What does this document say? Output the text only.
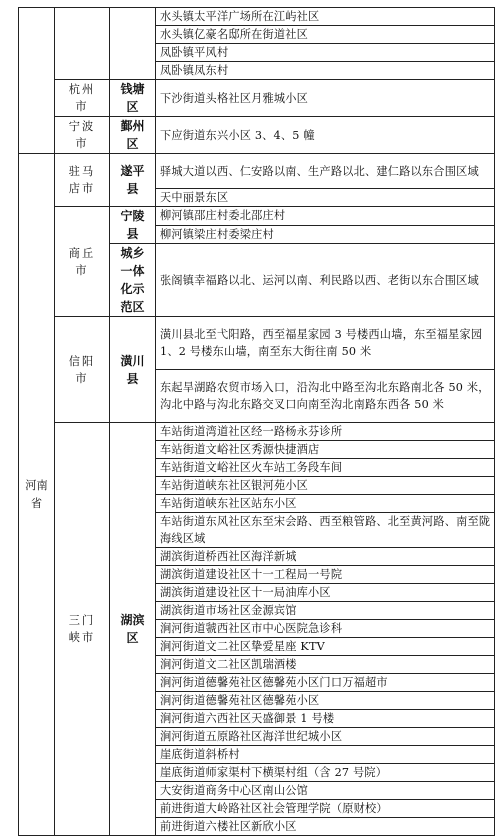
			水头镇太平洋广场所在江屿社区
			水头镇亿豪名邸所在街道社区
			凤卧镇平风村
			凤卧镇凤东村
	杭州市	钱塘区	下沙街道头格社区月雅城小区
	宁波市	鄞州区	下应街道东兴小区 3、4、5 幢
河南省	驻马店市	遂平县	驿城大道以西、仁安路以南、生产路以北、建仁路以东合围区域
			天中丽景东区
	商丘市	宁陵县	柳河镇邵庄村委北邵庄村
			柳河镇梁庄村委梁庄村
		城乡一体化示范区	张阁镇幸福路以北、运河以南、利民路以西、老街以东合围区域
	信阳市	潢川县	潢川县北至弋阳路，西至福星家园 3 号楼西山墙，东至福星家园 1、2 号楼东山墙，南至东大街往南 50 米
			东起旱湖路农贸市场入口，沿沟北中路至沟北东路南北各 50 米，沟北中路与沟北东路交叉口向南至沟北南路东西各 50 米
	三门峡市	湖滨区	车站街道湾道社区经一路杨永芬诊所
			车站街道文峪社区秀源快捷酒店
			车站街道文峪社区火车站工务段车间
			车站街道峡东社区银河苑小区
			车站街道峡东社区站东小区
			车站街道东风社区东至宋会路、西至粮管路、北至黄河路、南至陇海线区域
			湖滨街道桥西社区海洋新城
			湖滨街道建设社区十一工程局一号院
			湖滨街道建设社区十一局油库小区
			湖滨街道市场社区金源宾馆
			涧河街道虢西社区市中心医院急诊科
			涧河街道文二社区挚爱星座 KTV
			涧河街道文二社区凯瑞酒楼
			涧河街道德馨苑社区德馨苑小区门口万福超市
			涧河街道德馨苑社区德馨苑小区
			涧河街道六西社区天盛御景 1 号楼
			涧河街道五原路社区海洋世纪城小区
			崖底街道斜桥村
			崖底街道师家渠村下横渠村组（含 27 号院）
			大安街道商务中心区南山公馆
			前进街道大岭路社区社会管理学院（原财校）
			前进街道六楼社区新欣小区
